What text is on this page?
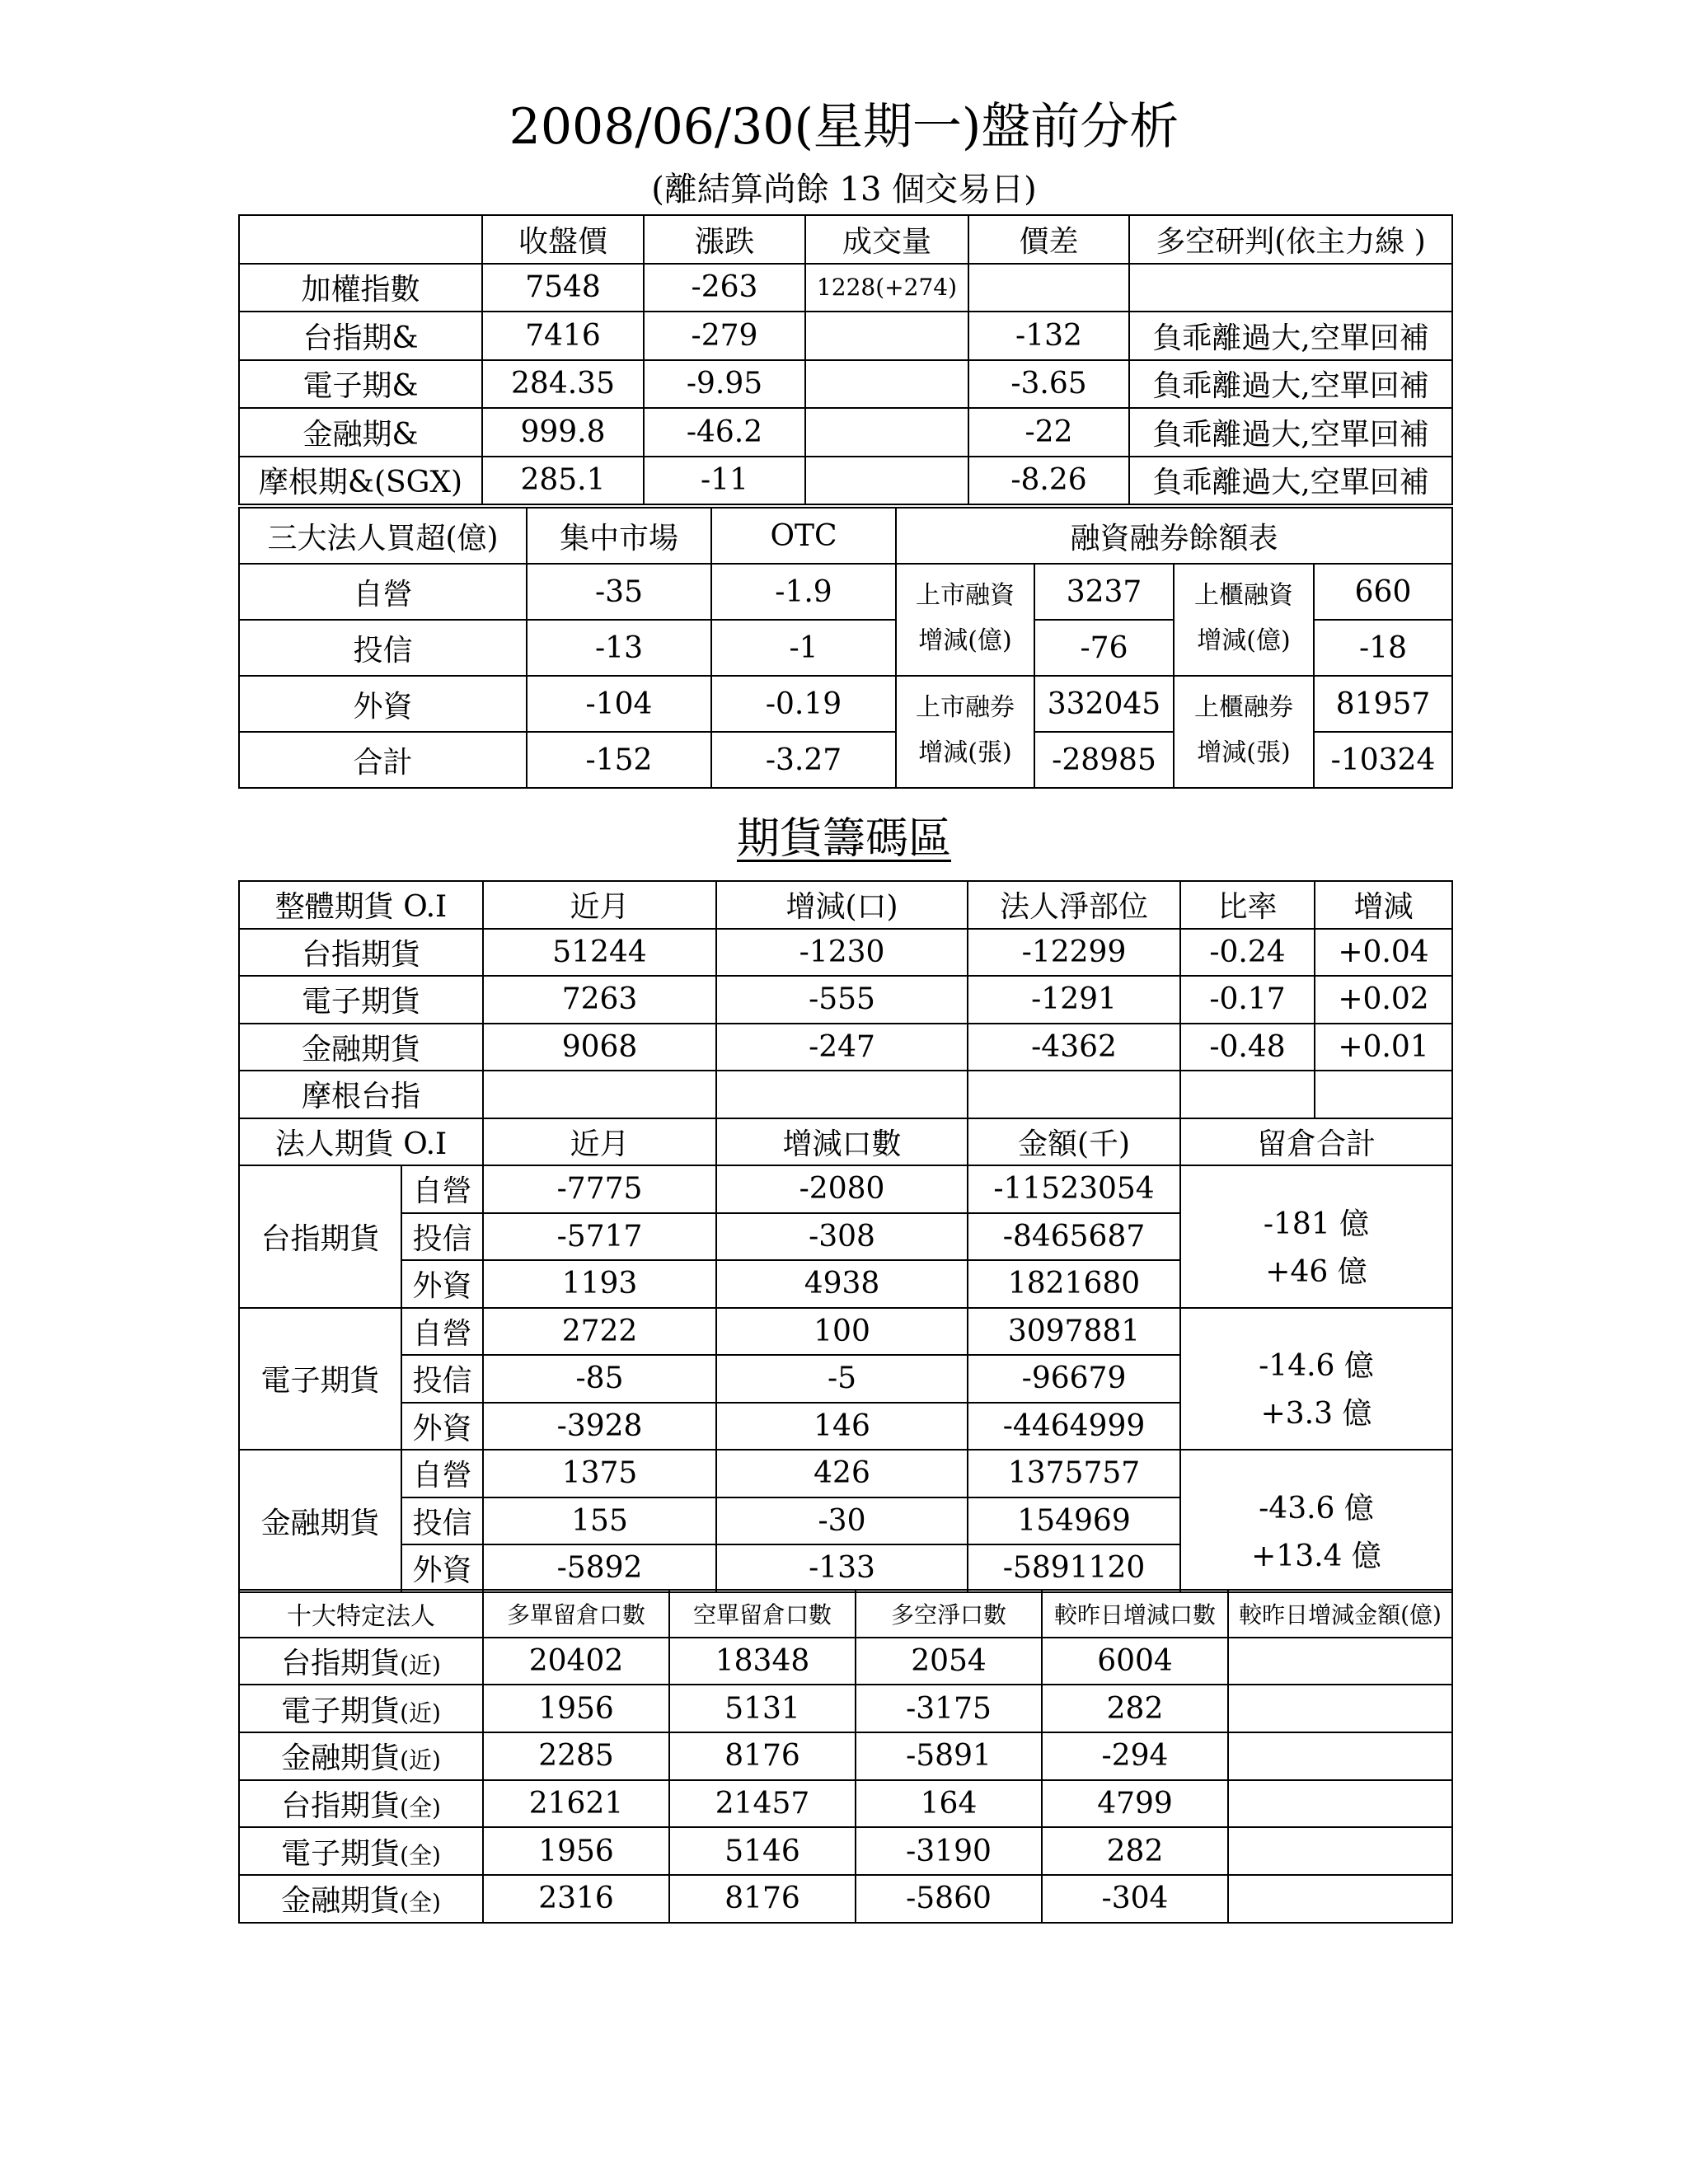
2008/06/30(星期一)盤前分析
(離結算尚餘 13 個交易日)
	收盤價	漲跌	成交量	價差	多空研判(依主力線 )
加權指數	7548	-263	1228(+274)		
台指期&	7416	-279		-132	負乖離過大,空單回補
電子期&	284.35	-9.95		-3.65	負乖離過大,空單回補
金融期&	999.8	-46.2		-22	負乖離過大,空單回補
摩根期&(SGX)	285.1	-11		-8.26	負乖離過大,空單回補
三大法人買超(億)	集中市場	OTC	融資融券餘額表			
自營	-35	-1.9	上市融資	3237	上櫃融資	660
投信	-13	-1	增減(億)	-76	增減(億)	-18
外資	-104	-0.19	上市融券	332045	上櫃融券	81957
合計	-152	-3.27	增減(張)	-28985	增減(張)	-10324
期貨籌碼區
整體期貨 O.I		近月	增減(口)	法人淨部位	比率	增減
台指期貨		51244	-1230	-12299	-0.24	+0.04
電子期貨		7263	-555	-1291	-0.17	+0.02
金融期貨		9068	-247	-4362	-0.48	+0.01
摩根台指						
法人期貨 O.I		近月	增減口數	金額(千)	留倉合計	
台指期貨	自營	-7775	-2080	-11523054	-181 億
+46 億	

	投信	-5717	-308	-8465687		
	外資	1193	4938	1821680		
電子期貨	自營	2722	100	3097881	-14.6 億
+3.3 億	

	投信	-85	-5	-96679		
	外資	-3928	146	-4464999		
金融期貨	自營	1375	426	1375757	-43.6 億
+13.4 億	

	投信	155	-30	154969		
	外資	-5892	-133	-5891120		
十大特定法人	多單留倉口數	空單留倉口數	多空淨口數	較昨日增減口數	較昨日增減金額(億)
台指期貨(近)	20402	18348	2054	6004	
電子期貨(近)	1956	5131	-3175	282	
金融期貨(近)	2285	8176	-5891	-294	
台指期貨(全)	21621	21457	164	4799	
電子期貨(全)	1956	5146	-3190	282	
金融期貨(全)	2316	8176	-5860	-304	
